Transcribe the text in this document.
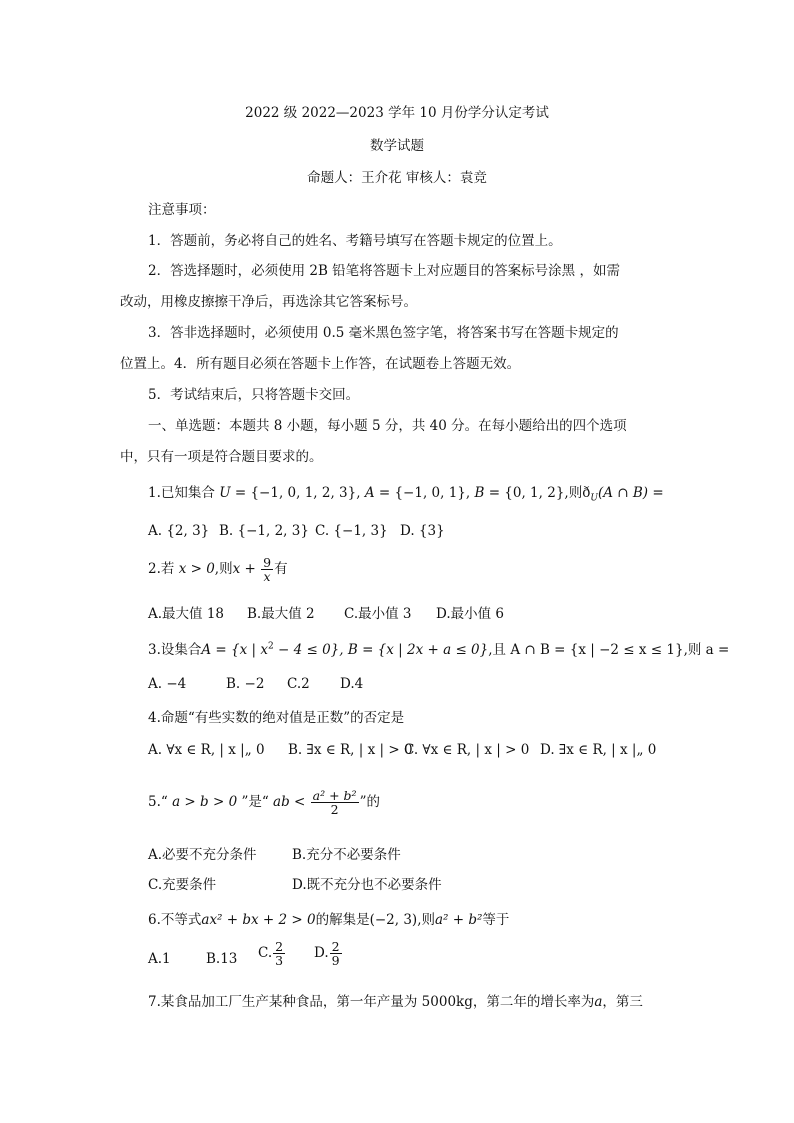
2022 级 2022—2023 学年 10 月份学分认定考试
数学试题
命题人：王介花 审核人：袁竞
注意事项：
1．答题前，务必将自己的姓名、考籍号填写在答题卡规定的位置上。
2．答选择题时，必须使用 2B 铅笔将答题卡上对应题目的答案标号涂黑 ，如需
改动，用橡皮擦擦干净后，再选涂其它答案标号。
3．答非选择题时，必须使用 0.5 毫米黑色签字笔，将答案书写在答题卡规定的
位置上。4．所有题目必须在答题卡上作答，在试题卷上答题无效。
5．考试结束后，只将答题卡交回。
一、单选题：本题共 8 小题，每小题 5 分，共 40 分。在每小题给出的四个选项
中，只有一项是符合题目要求的。
1.已知集合 U = {−1, 0, 1, 2, 3}, A = {−1, 0, 1}, B = {0, 1, 2},则$ð_U(A$ ∩ B) =
A. {2, 3} B. {−1, 2, 3} C. {−1, 3} D. {3}
2.若 x > 0,则$x + \frac{9}{x}$ 有
A.最大值 18 B.最大值 2 C.最小值 3 D.最小值 6
3.设集合A = {x | $x^2 - 4 \le 0$}, B = {x | 2x + a ≤ 0},且 A ∩ B = {x | −2 ≤ x ≤ 1},则 a =
A. −4	B. −2 C.2 D.4
4.命题“有些实数的绝对值是正数”的否定是
A. ∀x ∈ R, | x |„ 0 B. ∃x ∈ R, | x | > 0
C. ∀x ∈ R, | x | > 0 D. ∃x ∈ R, | x |„ 0
5.“ a > b > 0 ”是“ ab < $\frac{\text{a² + b²}}{2}$ ”的
A.必要不充分条件	B.充分不必要条件
C.充要条件	D.既不充分也不必要条件
6.不等式ax² + bx + 2 > 0的解集是(−2, 3),则a² + b²等于
A.1	B.13 C. $\frac{2}{3} D$. $\frac{2}{9}$
7.某食品加工厂生产某种食品，第一年产量为 5000kg，第二年的增长率为a，第三
